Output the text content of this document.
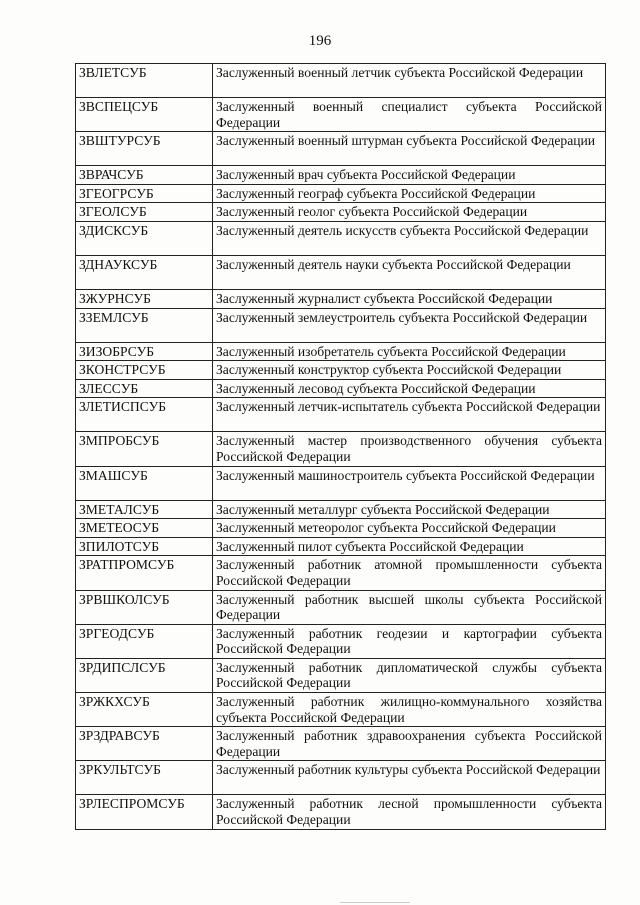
196
ЗВЛЕТСУБ	Заслуженный военный летчик субъекта Российской Федерации
ЗВСПЕЦСУБ	Заслуженный военный специалист субъекта Российской Федерации
ЗВШТУРСУБ	Заслуженный военный штурман субъекта Российской Федерации
ЗВРАЧСУБ	Заслуженный врач субъекта Российской Федерации
ЗГЕОГРСУБ	Заслуженный географ субъекта Российской Федерации
ЗГЕОЛСУБ	Заслуженный геолог субъекта Российской Федерации
ЗДИСКСУБ	Заслуженный деятель искусств субъекта Российской Федерации
ЗДНАУКСУБ	Заслуженный деятель науки субъекта Российской Федерации
ЗЖУРНСУБ	Заслуженный журналист субъекта Российской Федерации
ЗЗЕМЛСУБ	Заслуженный землеустроитель субъекта Российской Федерации
ЗИЗОБРСУБ	Заслуженный изобретатель субъекта Российской Федерации
ЗКОНСТРСУБ	Заслуженный конструктор субъекта Российской Федерации
ЗЛЕССУБ	Заслуженный лесовод субъекта Российской Федерации
ЗЛЕТИСПСУБ	Заслуженный летчик-испытатель субъекта Российской Федерации
ЗМПРОБСУБ	Заслуженный мастер производственного обучения субъекта Российской Федерации
ЗМАШСУБ	Заслуженный машиностроитель субъекта Российской Федерации
ЗМЕТАЛСУБ	Заслуженный металлург субъекта Российской Федерации
ЗМЕТЕОСУБ	Заслуженный метеоролог субъекта Российской Федерации
ЗПИЛОТСУБ	Заслуженный пилот субъекта Российской Федерации
ЗРАТПРОМСУБ	Заслуженный работник атомной промышленности субъекта Российской Федерации
ЗРВШКОЛСУБ	Заслуженный работник высшей школы субъекта Российской Федерации
ЗРГЕОДСУБ	Заслуженный работник геодезии и картографии субъекта Российской Федерации
ЗРДИПСЛСУБ	Заслуженный работник дипломатической службы субъекта Российской Федерации
ЗРЖКХСУБ	Заслуженный работник жилищно-коммунального хозяйства субъекта Российской Федерации
ЗРЗДРАВСУБ	Заслуженный работник здравоохранения субъекта Российской Федерации
ЗРКУЛЬТСУБ	Заслуженный работник культуры субъекта Российской Федерации
ЗРЛЕСПРОМСУБ	Заслуженный работник лесной промышленности субъекта Российской Федерации
